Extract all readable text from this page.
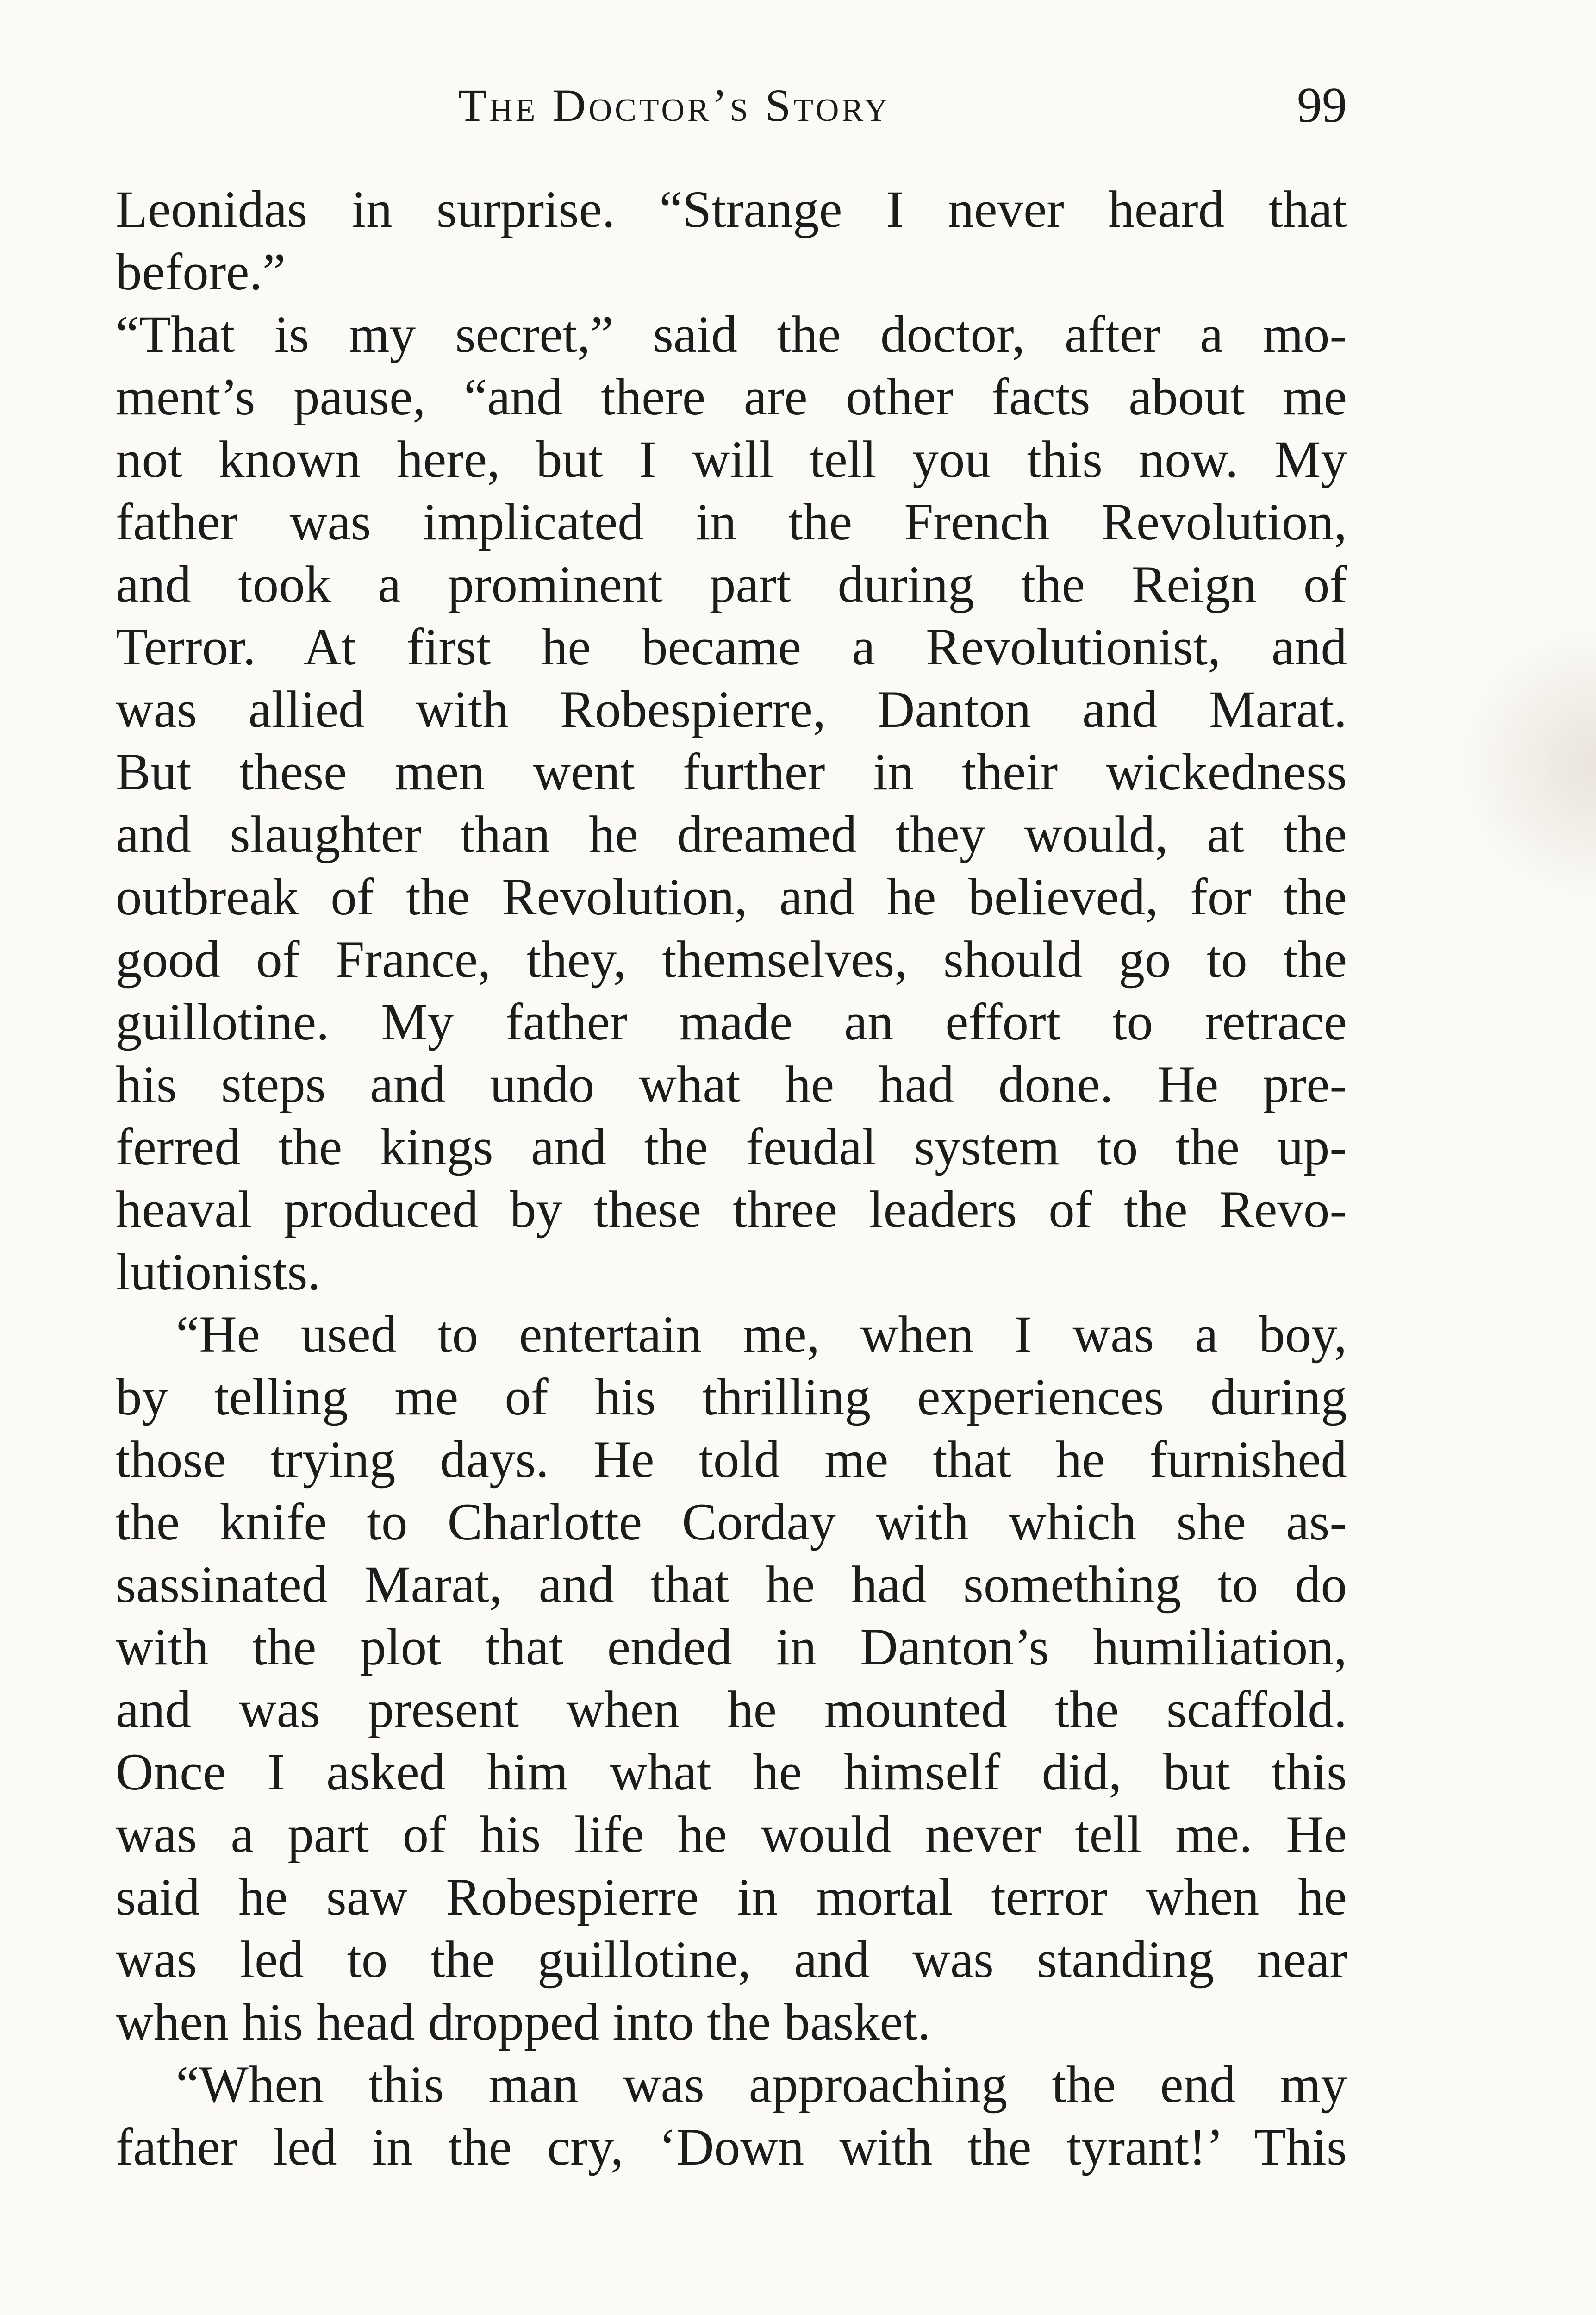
The Doctor’s Story	99
Leonidas in surprise. “Strange I never heard that
before.”
“That is my secret,” said the doctor, after a mo-
ment’s pause, “and there are other facts about me
not known here, but I will tell you this now. My
father was implicated in the French Revolution,
and took a prominent part during the Reign of
Terror. At first he became a Revolutionist, and
was allied with Robespierre, Danton and Marat.
But these men went further in their wickedness
and slaughter than he dreamed they would, at the
outbreak of the Revolution, and he believed, for the
good of France, they, themselves, should go to the
guillotine. My father made an effort to retrace
his steps and undo what he had done. He pre-
ferred the kings and the feudal system to the up-
heaval produced by these three leaders of the Revo-
lutionists.
“He used to entertain me, when I was a boy,
by telling me of his thrilling experiences during
those trying days. He told me that he furnished
the knife to Charlotte Corday with which she as-
sassinated Marat, and that he had something to do
with the plot that ended in Danton’s humiliation,
and was present when he mounted the scaffold.
Once I asked him what he himself did, but this
was a part of his life he would never tell me. He
said he saw Robespierre in mortal terror when he
was led to the guillotine, and was standing near
when his head dropped into the basket.
“When this man was approaching the end my
father led in the cry, ‘Down with the tyrant!’ This
